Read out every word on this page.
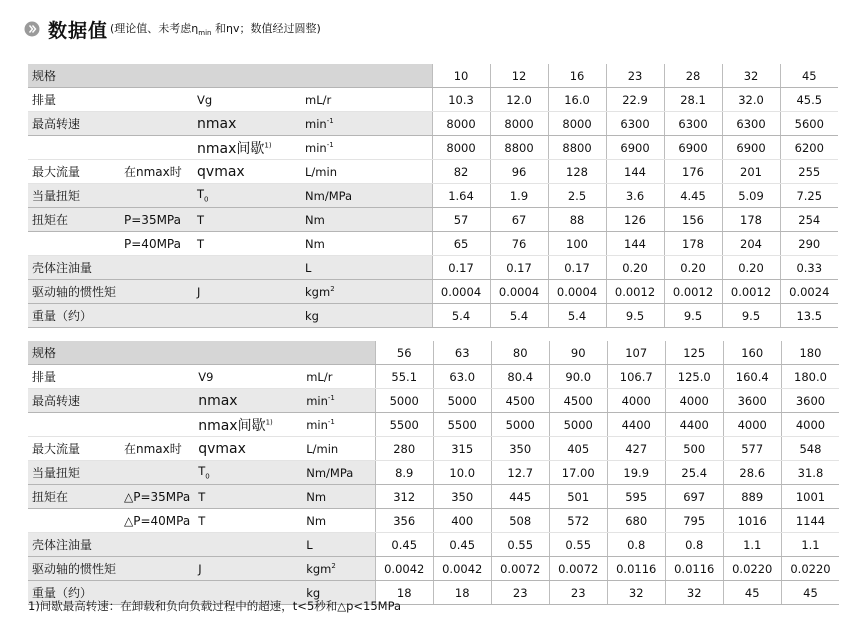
数据值 (理论值、未考虑$\eta_{min}$ 和ηv；数值经过圆整)
规格				10	12	16	23	28	32	45
排量		Vg	mL/r	10.3	12.0	16.0	22.9	28.1	32.0	45.5
最高转速		nmax	$\min^{-1}$	8000	8000	8000	6300	6300	6300	5600
		nmax间歇$^{1)}$	$\min^{-1}$	8000	8800	8800	6900	6900	6900	6200
最大流量	在nmax时	qvmax	L/min	82	96	128	144	176	201	255
当量扭矩		$T_0$	Nm/MPa	1.64	1.9	2.5	3.6	4.45	5.09	7.25
扭矩在	P=35MPa	T	Nm	57	67	88	126	156	178	254
	P=40MPa	T	Nm	65	76	100	144	178	204	290
壳体注油量			L	0.17	0.17	0.17	0.20	0.20	0.20	0.33
驱动轴的惯性矩		J	kgm$^2$	0.0004	0.0004	0.0004	0.0012	0.0012	0.0012	0.0024
重量（约）			kg	5.4	5.4	5.4	9.5	9.5	9.5	13.5
规格				56	63	80	90	107	125	160	180
排量		V9	mL/r	55.1	63.0	80.4	90.0	106.7	125.0	160.4	180.0
最高转速		nmax	$\min^{-1}$	5000	5000	4500	4500	4000	4000	3600	3600
		nmax间歇$^{1)}$	$\min^{-1}$	5500	5500	5000	5000	4400	4400	4000	4000
最大流量	在nmax时	qvmax	L/min	280	315	350	405	427	500	577	548
当量扭矩		$T_0$	Nm/MPa	8.9	10.0	12.7	17.00	19.9	25.4	28.6	31.8
扭矩在	△P=35MPa	T	Nm	312	350	445	501	595	697	889	1001
	△P=40MPa	T	Nm	356	400	508	572	680	795	1016	1144
壳体注油量			L	0.45	0.45	0.55	0.55	0.8	0.8	1.1	1.1
驱动轴的惯性矩		J	kgm$^2$	0.0042	0.0042	0.0072	0.0072	0.0116	0.0116	0.0220	0.0220
重量（约）			kg	18	18	23	23	32	32	45	45
1)间歇最高转速：在卸载和负向负载过程中的超速，t<5秒和△p<15MPa
